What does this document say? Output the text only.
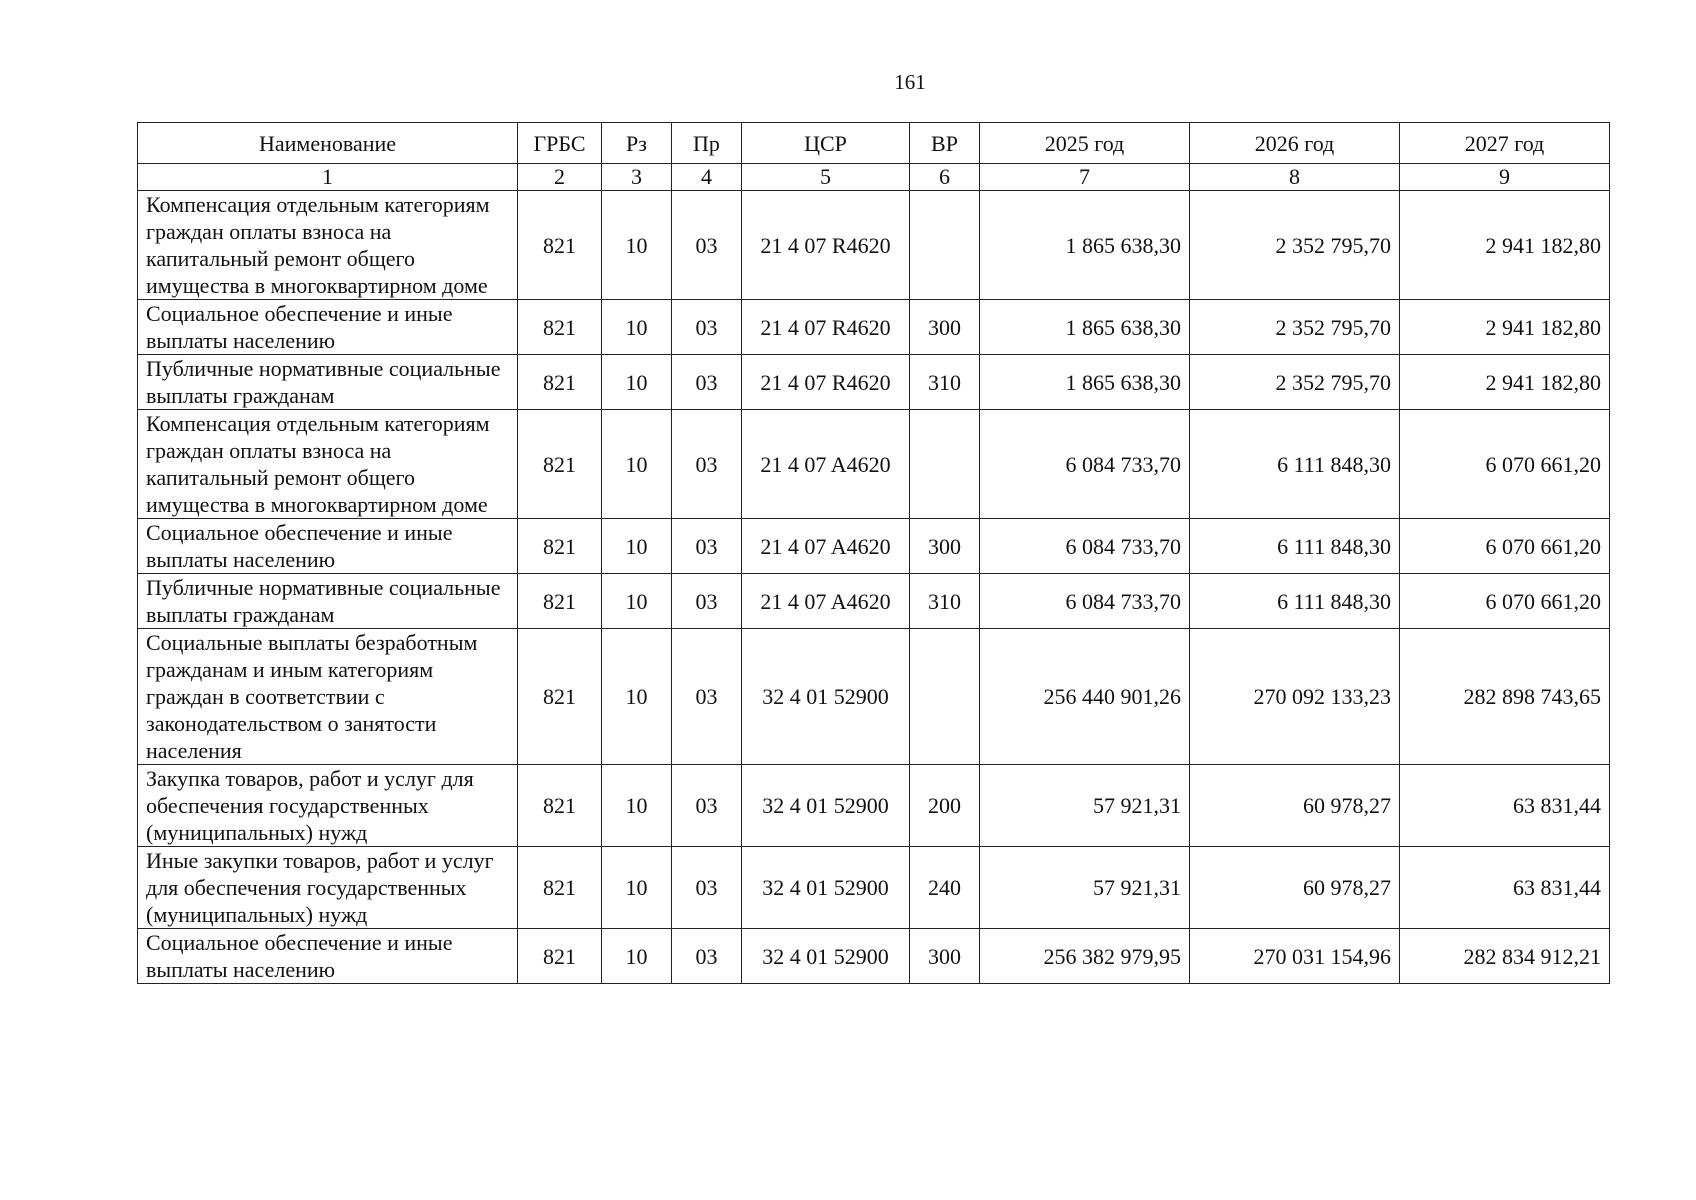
161
Наименование	ГРБС	Рз	Пр	ЦСР	ВР	2025 год	2026 год	2027 год
1	2	3	4	5	6	7	8	9
Компенсация отдельным категориям граждан оплаты взноса на капитальный ремонт общего имущества в многоквартирном доме	821	10	03	21 4 07 R4620		1 865 638,30	2 352 795,70	2 941 182,80
Социальное обеспечение и иные выплаты населению	821	10	03	21 4 07 R4620	300	1 865 638,30	2 352 795,70	2 941 182,80
Публичные нормативные социальные выплаты гражданам	821	10	03	21 4 07 R4620	310	1 865 638,30	2 352 795,70	2 941 182,80
Компенсация отдельным категориям граждан оплаты взноса на капитальный ремонт общего имущества в многоквартирном доме	821	10	03	21 4 07 A4620		6 084 733,70	6 111 848,30	6 070 661,20
Социальное обеспечение и иные выплаты населению	821	10	03	21 4 07 A4620	300	6 084 733,70	6 111 848,30	6 070 661,20
Публичные нормативные социальные выплаты гражданам	821	10	03	21 4 07 A4620	310	6 084 733,70	6 111 848,30	6 070 661,20
Социальные выплаты безработным гражданам и иным категориям граждан в соответствии с законодательством о занятости населения	821	10	03	32 4 01 52900		256 440 901,26	270 092 133,23	282 898 743,65
Закупка товаров, работ и услуг для обеспечения государственных (муниципальных) нужд	821	10	03	32 4 01 52900	200	57 921,31	60 978,27	63 831,44
Иные закупки товаров, работ и услуг для обеспечения государственных (муниципальных) нужд	821	10	03	32 4 01 52900	240	57 921,31	60 978,27	63 831,44
Социальное обеспечение и иные выплаты населению	821	10	03	32 4 01 52900	300	256 382 979,95	270 031 154,96	282 834 912,21
